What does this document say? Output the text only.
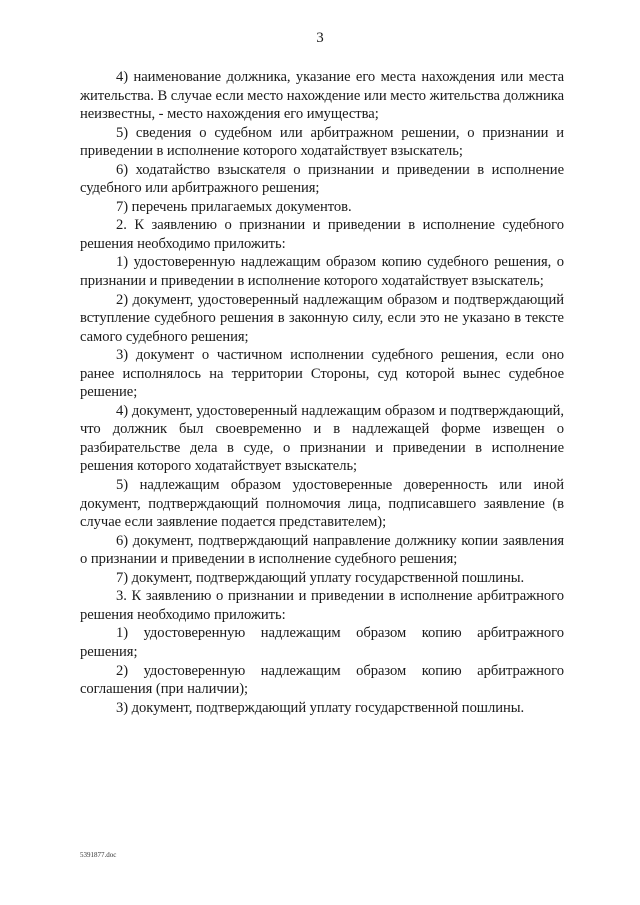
3

4) наименование должника, указание его места нахождения или места жительства. В случае если место нахождение или место жительства должника неизвестны, - место нахождения его имущества;

5) сведения о судебном или арбитражном решении, о признании и приведении в исполнение которого ходатайствует взыскатель;

6) ходатайство взыскателя о признании и приведении в исполнение судебного или арбитражного решения;

7) перечень прилагаемых документов.

2. К заявлению о признании и приведении в исполнение судебного решения необходимо приложить:

1) удостоверенную надлежащим образом копию судебного решения, о признании и приведении в исполнение которого ходатайствует взыскатель;

2) документ, удостоверенный надлежащим образом и подтверждающий вступление судебного решения в законную силу, если это не указано в тексте самого судебного решения;

3) документ о частичном исполнении судебного решения, если оно ранее исполнялось на территории Стороны, суд которой вынес судебное решение;

4) документ, удостоверенный надлежащим образом и подтверждающий, что должник был своевременно и в надлежащей форме извещен о разбирательстве дела в суде, о признании и приведении в исполнение решения которого ходатайствует взыскатель;

5) надлежащим образом удостоверенные доверенность или иной документ, подтверждающий полномочия лица, подписавшего заявление (в случае если заявление подается представителем);

6) документ, подтверждающий направление должнику копии заявления о признании и приведении в исполнение судебного решения;

7) документ, подтверждающий уплату государственной пошлины.

3. К заявлению о признании и приведении в исполнение арбитражного решения необходимо приложить:

1) удостоверенную надлежащим образом копию арбитражного решения;

2) удостоверенную надлежащим образом копию арбитражного соглашения (при наличии);

3) документ, подтверждающий уплату государственной пошлины.

5391877.doc
